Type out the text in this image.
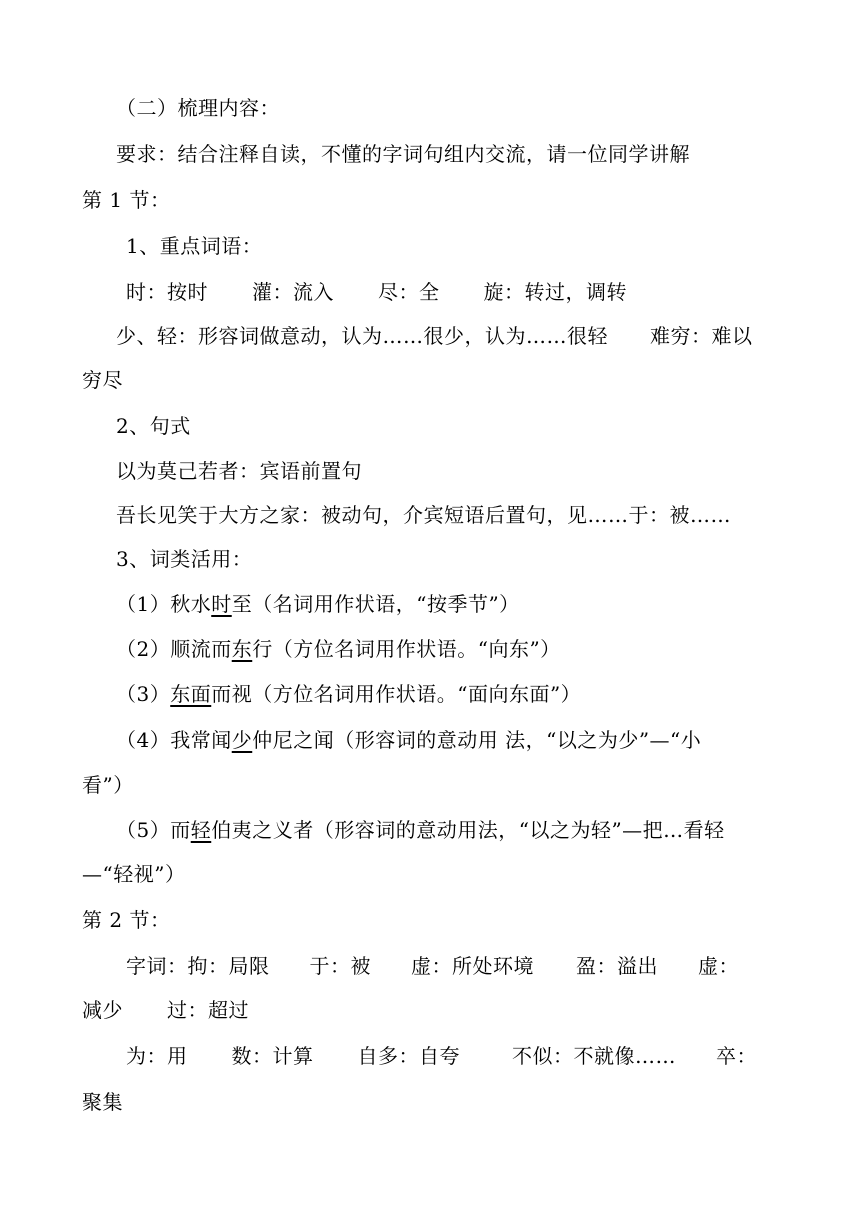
（二）梳理内容：
要求：结合注释自读，不懂的字词句组内交流，请一位同学讲解
第 1 节：
1、重点词语：
时：按时 灌：流入 尽：全 旋：转过，调转
少、轻：形容词做意动，认为……很少，认为……很轻 难穷：难以
穷尽
2、句式
以为莫己若者：宾语前置句
吾长见笑于大方之家：被动句，介宾短语后置句，见……于：被……
3、词类活用：
（1）秋水时至（名词用作状语，“按季节”）
（2）顺流而东行（方位名词用作状语。“向东”）
（3）东面而视（方位名词用作状语。“面向东面”）
（4）我常闻少仲尼之闻（形容词的意动用 法，“以之为少”—“小
看”）
（5）而轻伯夷之义者（形容词的意动用法，“以之为轻”—把…看轻
—“轻视”）
第 2 节：
字词：拘：局限 于：被 虚：所处环境 盈：溢出 虚：
减少 过：超过
为：用 数：计算 自多：自夸	不似：不就像…… 卒：
聚集
